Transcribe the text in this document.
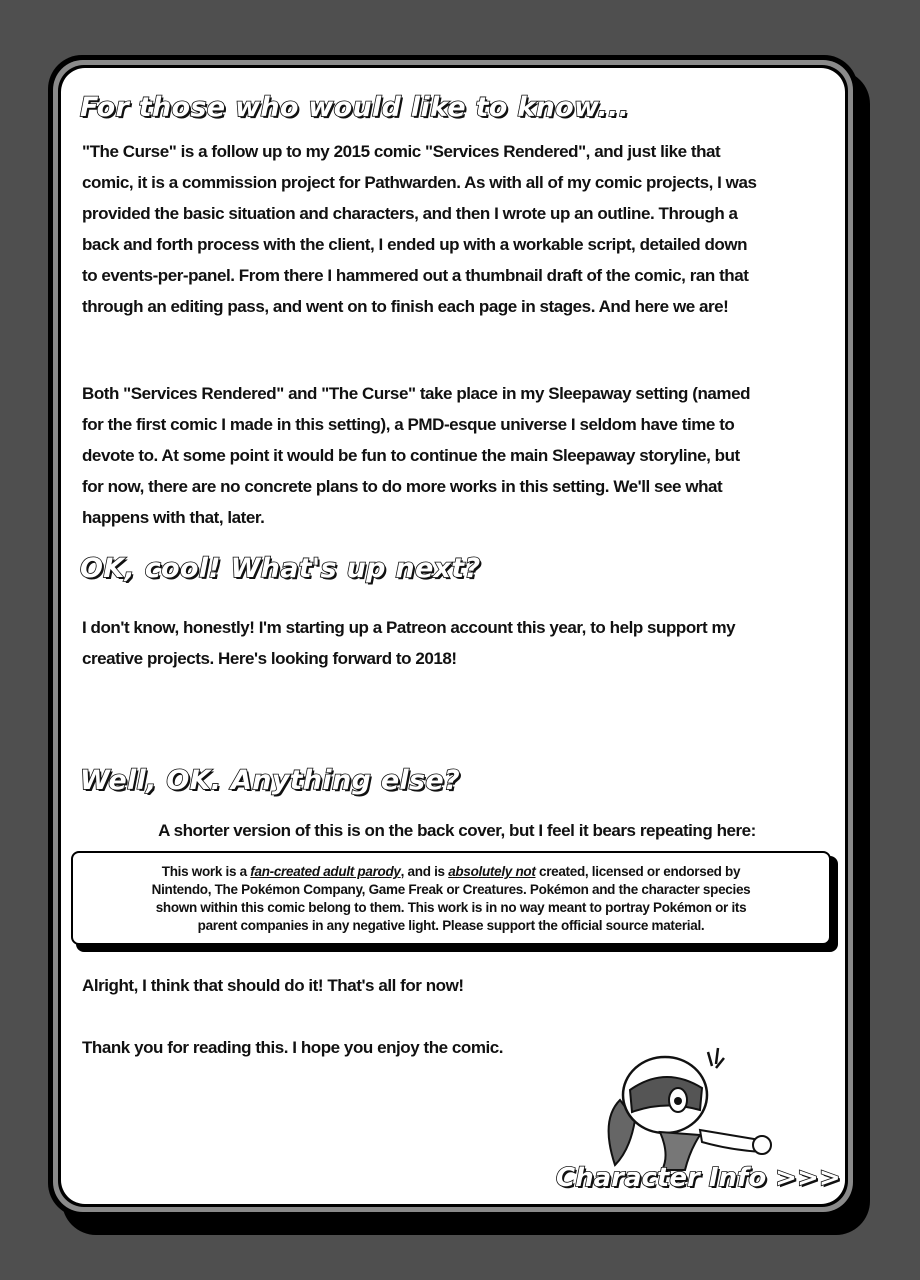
For those who would like to know...
"The Curse" is a follow up to my 2015 comic "Services Rendered", and just like that
comic, it is a commission project for Pathwarden. As with all of my comic projects, I was
provided the basic situation and characters, and then I wrote up an outline. Through a
back and forth process with the client, I ended up with a workable script, detailed down
to events-per-panel. From there I hammered out a thumbnail draft of the comic, ran that
through an editing pass, and went on to finish each page in stages. And here we are!
Both "Services Rendered" and "The Curse" take place in my Sleepaway setting (named
for the first comic I made in this setting), a PMD-esque universe I seldom have time to
devote to. At some point it would be fun to continue the main Sleepaway storyline, but
for now, there are no concrete plans to do more works in this setting. We'll see what
happens with that, later.
OK, cool! What's up next?
I don't know, honestly! I'm starting up a Patreon account this year, to help support my
creative projects. Here's looking forward to 2018!
Well, OK. Anything else?
A shorter version of this is on the back cover, but I feel it bears repeating here:
This work is a fan-created adult parody, and is absolutely not created, licensed or endorsed by
Nintendo, The Pokémon Company, Game Freak or Creatures. Pokémon and the character species
shown within this comic belong to them. This work is in no way meant to portray Pokémon or its
parent companies in any negative light. Please support the official source material.
Alright, I think that should do it! That's all for now!
Thank you for reading this. I hope you enjoy the comic.
Character Info >>>
